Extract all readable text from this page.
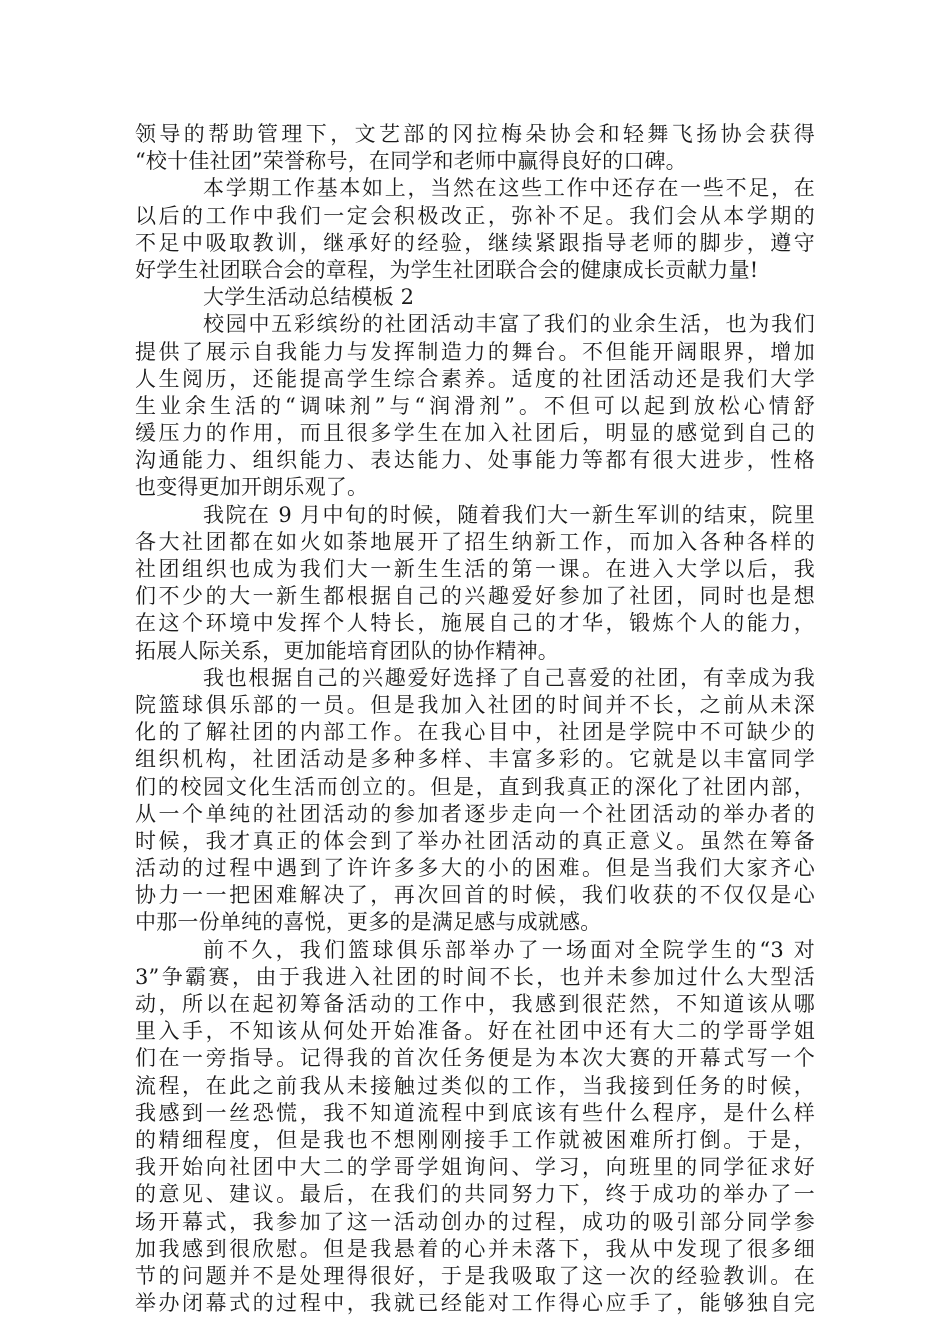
领导的帮助管理下，文艺部的冈拉梅朵协会和轻舞飞扬协会获得
“校十佳社团”荣誉称号，在同学和老师中赢得良好的口碑。
本学期工作基本如上，当然在这些工作中还存在一些不足，在
以后的工作中我们一定会积极改正，弥补不足。我们会从本学期的
不足中吸取教训，继承好的经验，继续紧跟指导老师的脚步，遵守
好学生社团联合会的章程，为学生社团联合会的健康成长贡献力量!
大学生活动总结模板 2
校园中五彩缤纷的社团活动丰富了我们的业余生活，也为我们
提供了展示自我能力与发挥制造力的舞台。不但能开阔眼界，增加
人生阅历，还能提高学生综合素养。适度的社团活动还是我们大学
生业余生活的“调味剂”与“润滑剂”。不但可以起到放松心情舒
缓压力的作用，而且很多学生在加入社团后，明显的感觉到自己的
沟通能力、组织能力、表达能力、处事能力等都有很大进步，性格
也变得更加开朗乐观了。
我院在 9 月中旬的时候，随着我们大一新生军训的结束，院里
各大社团都在如火如荼地展开了招生纳新工作，而加入各种各样的
社团组织也成为我们大一新生生活的第一课。在进入大学以后，我
们不少的大一新生都根据自己的兴趣爱好参加了社团，同时也是想
在这个环境中发挥个人特长，施展自己的才华，锻炼个人的能力，
拓展人际关系，更加能培育团队的协作精神。
我也根据自己的兴趣爱好选择了自己喜爱的社团，有幸成为我
院篮球俱乐部的一员。但是我加入社团的时间并不长，之前从未深
化的了解社团的内部工作。在我心目中，社团是学院中不可缺少的
组织机构，社团活动是多种多样、丰富多彩的。它就是以丰富同学
们的校园文化生活而创立的。但是，直到我真正的深化了社团内部，
从一个单纯的社团活动的参加者逐步走向一个社团活动的举办者的
时候，我才真正的体会到了举办社团活动的真正意义。虽然在筹备
活动的过程中遇到了许许多多大的小的困难。但是当我们大家齐心
协力一一把困难解决了，再次回首的时候，我们收获的不仅仅是心
中那一份单纯的喜悦，更多的是满足感与成就感。
前不久，我们篮球俱乐部举办了一场面对全院学生的“3 对
3”争霸赛，由于我进入社团的时间不长，也并未参加过什么大型活
动，所以在起初筹备活动的工作中，我感到很茫然，不知道该从哪
里入手，不知该从何处开始准备。好在社团中还有大二的学哥学姐
们在一旁指导。记得我的首次任务便是为本次大赛的开幕式写一个
流程，在此之前我从未接触过类似的工作，当我接到任务的时候，
我感到一丝恐慌，我不知道流程中到底该有些什么程序，是什么样
的精细程度，但是我也不想刚刚接手工作就被困难所打倒。于是，
我开始向社团中大二的学哥学姐询问、学习，向班里的同学征求好
的意见、建议。最后，在我们的共同努力下，终于成功的举办了一
场开幕式，我参加了这一活动创办的过程，成功的吸引部分同学参
加我感到很欣慰。但是我悬着的心并未落下，我从中发现了很多细
节的问题并不是处理得很好，于是我吸取了这一次的经验教训。在
举办闭幕式的过程中，我就已经能对工作得心应手了，能够独自完
